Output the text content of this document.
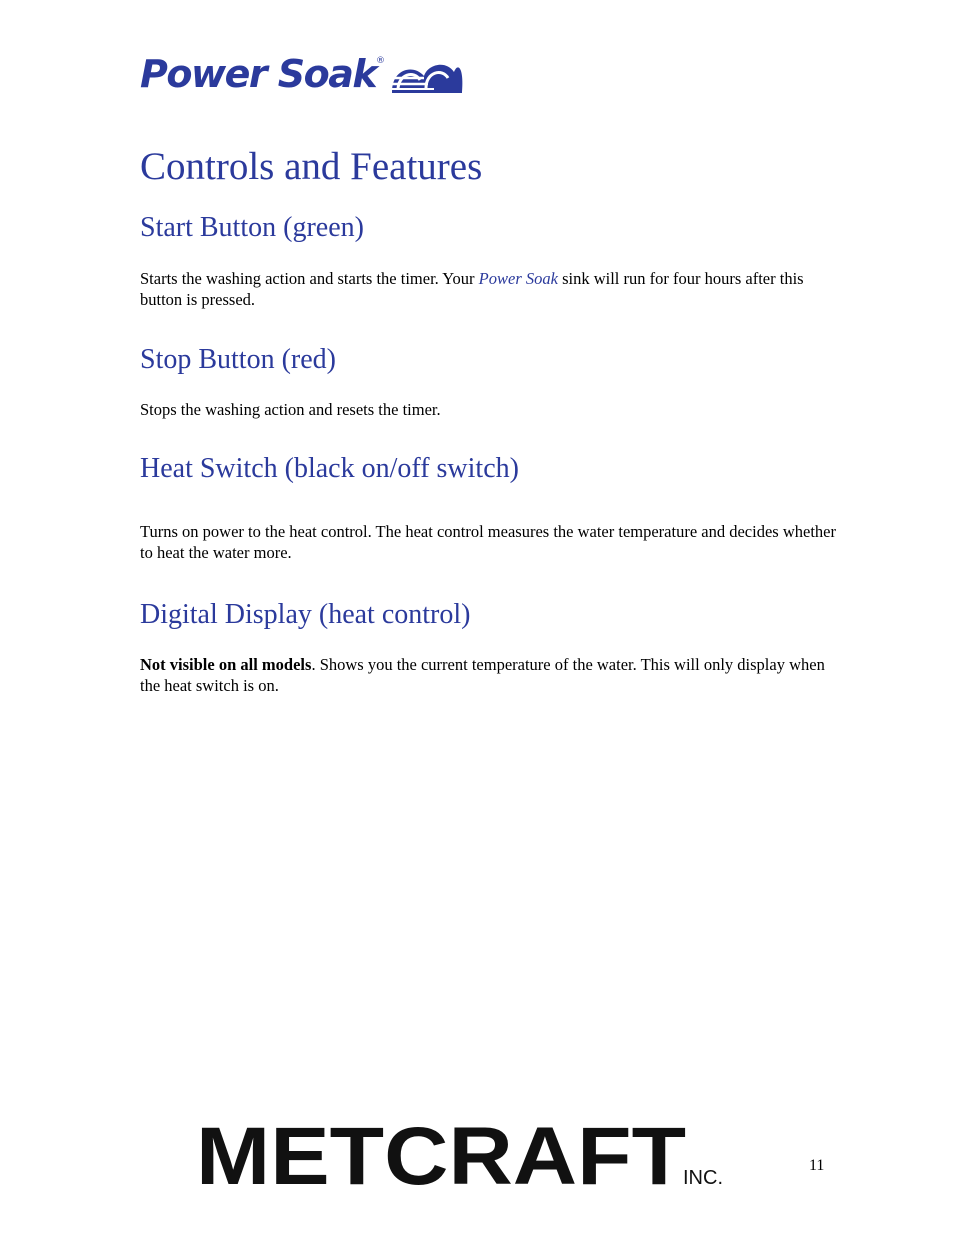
Power Soak ®
Controls and Features
Start Button (green)

Starts the washing action and starts the timer. Your Power Soak sink will run for four hours after this button is pressed.

Stop Button (red)

Stops the washing action and resets the timer.

Heat Switch (black on/off switch)

Turns on power to the heat control. The heat control measures the water temperature and decides whether to heat the water more.

Digital Display (heat control)

Not visible on all models. Shows you the current temperature of the water. This will only display when the heat switch is on.

METCRAFT
INC.
11
